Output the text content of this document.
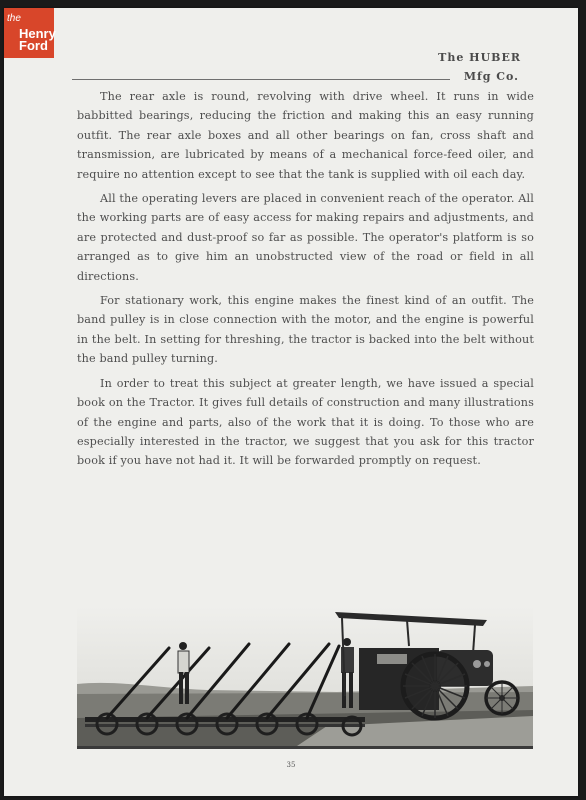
the
Henry
Ford
The HUBER
Mfg Co.

The rear axle is round, revolving with drive wheel. It runs in wide babbitted bearings, reducing the friction and making this an easy running outfit. The rear axle boxes and all other bearings on fan, cross shaft and transmission, are lubricated by means of a mechanical force-feed oiler, and require no attention except to see that the tank is supplied with oil each day.

All the operating levers are placed in convenient reach of the operator. All the working parts are of easy access for making repairs and adjustments, and are protected and dust-proof so far as possible. The operator's platform is so arranged as to give him an unobstructed view of the road or field in all directions.

For stationary work, this engine makes the finest kind of an outfit. The band pulley is in close connection with the motor, and the engine is powerful in the belt. In setting for threshing, the tractor is backed into the belt without the band pulley turning.

In order to treat this subject at greater length, we have issued a special book on the Tractor. It gives full details of construction and many illustrations of the engine and parts, also of the work that it is doing. To those who are especially interested in the tractor, we suggest that you ask for this tractor book if you have not had it. It will be forwarded promptly on request.

35
